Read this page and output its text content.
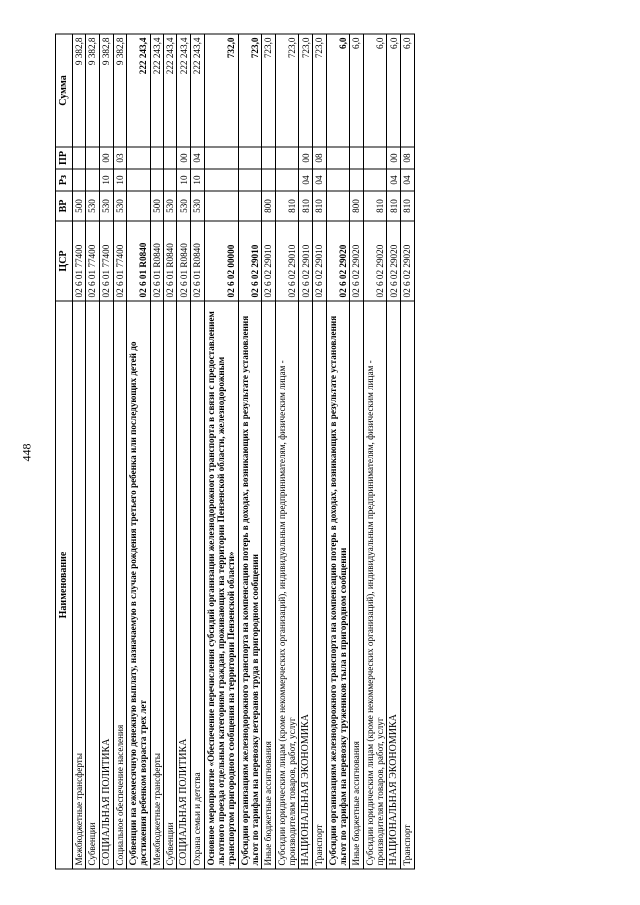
448
Наименование	ЦСР	ВР	Рз	ПР	Сумма
Межбюджетные трансферты	02 6 01 77400	500			9 382,8
Субвенции	02 6 01 77400	530			9 382,8
СОЦИАЛЬНАЯ ПОЛИТИКА	02 6 01 77400	530	10	00	9 382,8
Социальное обеспечение населения	02 6 01 77400	530	10	03	9 382,8
Субвенции на ежемесячную денежную выплату, назначаемую в случае рождения третьего ребенка или последующих детей до достижения ребенком возраста трех лет	02 6 01 R0840				222 243,4
Межбюджетные трансферты	02 6 01 R0840	500			222 243,4
Субвенции	02 6 01 R0840	530			222 243,4
СОЦИАЛЬНАЯ ПОЛИТИКА	02 6 01 R0840	530	10	00	222 243,4
Охрана семьи и детства	02 6 01 R0840	530	10	04	222 243,4
Основное мероприятие «Обеспечение перечисления субсидий организации железнодорожного транспорта в связи с предоставлением льготного проезда отдельным категориям граждан, проживающих на территории Пензенской области, железнодорожным транспортом пригородного сообщения на территории Пензенской области»	02 6 02 00000				732,0
Субсидии организациям железнодорожного транспорта на компенсацию потерь в доходах, возникающих в результате установления льгот по тарифам на перевозку ветеранов труда в пригородном сообщении	02 6 02 29010				723,0
Иные бюджетные ассигнования	02 6 02 29010	800			723,0
Субсидии юридическим лицам (кроме некоммерческих организаций), индивидуальным предпринимателям, физическим лицам - производителям товаров, работ, услуг	02 6 02 29010	810			723,0
НАЦИОНАЛЬНАЯ ЭКОНОМИКА	02 6 02 29010	810	04	00	723,0
Транспорт	02 6 02 29010	810	04	08	723,0
Субсидии организациям железнодорожного транспорта на компенсацию потерь в доходах, возникающих в результате установления льгот по тарифам на перевозку тружеников тыла в пригородном сообщении	02 6 02 29020				6,0
Иные бюджетные ассигнования	02 6 02 29020	800			6,0
Субсидии юридическим лицам (кроме некоммерческих организаций), индивидуальным предпринимателям, физическим лицам - производителям товаров, работ, услуг	02 6 02 29020	810			6,0
НАЦИОНАЛЬНАЯ ЭКОНОМИКА	02 6 02 29020	810	04	00	6,0
Транспорт	02 6 02 29020	810	04	08	6,0
